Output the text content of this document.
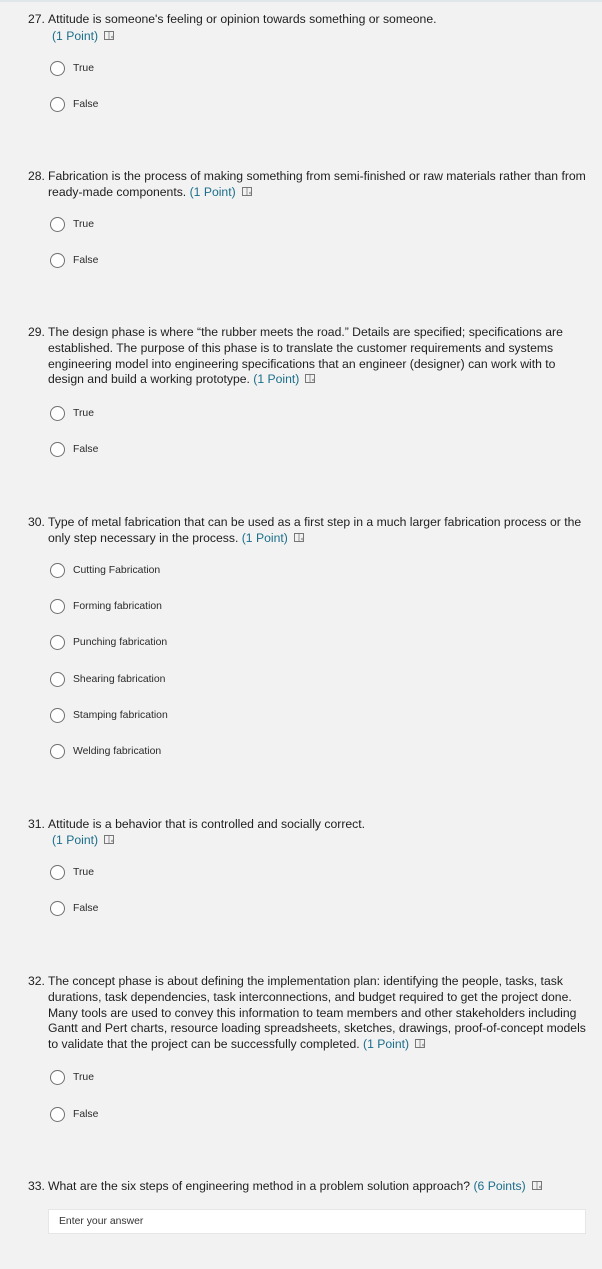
27. Attitude is someone's feeling or opinion towards something or someone.
(1 Point)
True
False
28. Fabrication is the process of making something from semi-finished or raw materials rather than from ready-made components. (1 Point)
True
False
29. The design phase is where “the rubber meets the road.” Details are specified; specifications are established. The purpose of this phase is to translate the customer requirements and systems engineering model into engineering specifications that an engineer (designer) can work with to design and build a working prototype. (1 Point)
True
False
30. Type of metal fabrication that can be used as a first step in a much larger fabrication process or the only step necessary in the process. (1 Point)
Cutting Fabrication
Forming fabrication
Punching fabrication
Shearing fabrication
Stamping fabrication
Welding fabrication
31. Attitude is a behavior that is controlled and socially correct.
(1 Point)
True
False
32. The concept phase is about defining the implementation plan: identifying the people, tasks, task durations, task dependencies, task interconnections, and budget required to get the project done. Many tools are used to convey this information to team members and other stakeholders including Gantt and Pert charts, resource loading spreadsheets, sketches, drawings, proof-of-concept models to validate that the project can be successfully completed. (1 Point)
True
False
33. What are the six steps of engineering method in a problem solution approach? (6 Points)
Enter your answer
